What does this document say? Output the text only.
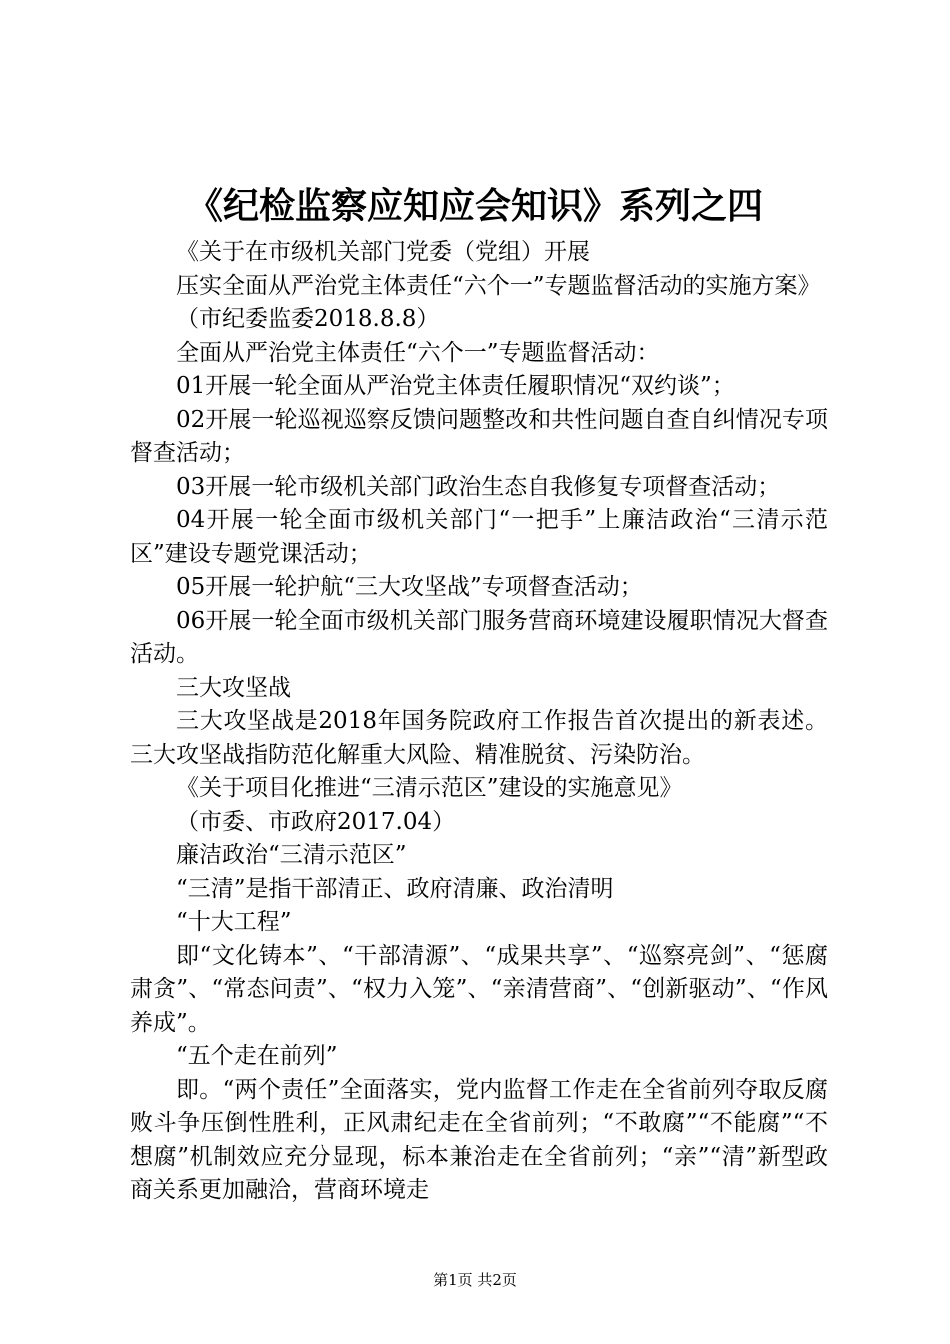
《纪检监察应知应会知识》系列之四

《关于在市级机关部门党委（党组）开展

压实全面从严治党主体责任“六个一”专题监督活动的实施方案》

（市纪委监委2018.8.8）

全面从严治党主体责任“六个一”专题监督活动：

01开展一轮全面从严治党主体责任履职情况“双约谈”；

02开展一轮巡视巡察反馈问题整改和共性问题自查自纠情况专项督查活动；

03开展一轮市级机关部门政治生态自我修复专项督查活动；

04开展一轮全面市级机关部门“一把手”上廉洁政治“三清示范区”建设专题党课活动；

05开展一轮护航“三大攻坚战”专项督查活动；

06开展一轮全面市级机关部门服务营商环境建设履职情况大督查活动。

三大攻坚战

三大攻坚战是2018年国务院政府工作报告首次提出的新表述。三大攻坚战指防范化解重大风险、精准脱贫、污染防治。

《关于项目化推进“三清示范区”建设的实施意见》

（市委、市政府2017.04）

廉洁政治“三清示范区”

“三清”是指干部清正、政府清廉、政治清明

“十大工程”

即“文化铸本”、“干部清源”、“成果共享”、“巡察亮剑”、“惩腐肃贪”、“常态问责”、“权力入笼”、“亲清营商”、“创新驱动”、“作风养成”。

“五个走在前列”

即。“两个责任”全面落实，党内监督工作走在全省前列夺取反腐败斗争压倒性胜利，正风肃纪走在全省前列；“不敢腐”“不能腐”“不想腐”机制效应充分显现，标本兼治走在全省前列；“亲”“清”新型政商关系更加融洽，营商环境走

第1页 共2页
